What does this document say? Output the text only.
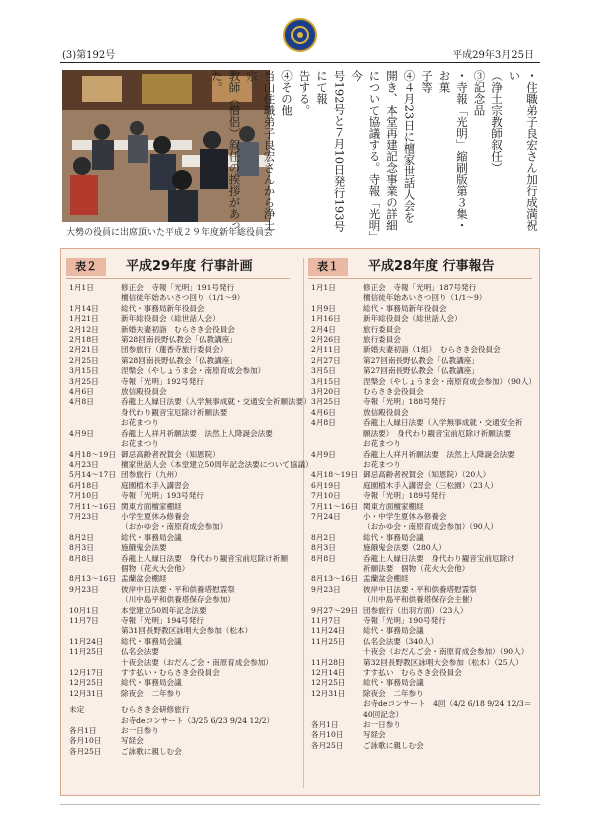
(3)第192号	平成29年3月25日
大勢の役員に出席頂いた平成２９年度新年総役員会

・住職弟子良宏さん加行成満祝い

（浄土宗教師叙任）

③記念品

・寺報「光明」縮刷版第３集・お菓

子等

④４月23日に檀家世話人会を

開き、本堂再建記念事業の詳細

について協議する。寺報「光明」今

号192号と７月10日発行193号にて報

告する。

④その他

当山住職弟子良宏さんから浄土宗

教師（僧侶）叙任の挨拶があった。

表２	平成29年度 行事計画
1月1日	修正会　寺報「光明」191号発行
檀信徒年始あいさつ回り（1/1〜9）
1月14日	総代・事務局新年役員会
1月21日	新年総役員会（総世話人会）
2月12日	新婚夫妻初詣　むらさき会役員会
2月18日	第28回南長野仏教会「仏教講座」
2月21日	団参旅行（蓮香寺旅行委員会）
2月25日	第28回南長野仏教会「仏教講座」
3月15日	涅槃会（やしょうま会・南原育成会参加）
3月25日	寺報「光明」192号発行
4月6日	放信殿役員会
4月8日	呑龍上人縁日法要（入学無事成就・交通安全祈願法要）
身代わり観音宝厄除け祈願法要
お花まつり
4月9日	呑龍上人祥月祈願法要　法然上人降誕会法要
お花まつり
4月18〜19日 御忌高齢者祝賀会（知恩院）
4月23日	檀家世話人会（本堂建立50周年記念法要について協議）
5月14〜17日 団参旅行（九州）
6月18日	庭園植木手入講習会
7月10日	寺報「光明」193号発行
7月11〜16日 関東方面檀家棚経
7月23日	小学生夏休み修養会
（おかゆ会・南原育成会参加）
8月2日	総代・事務局会議
8月3日	施餓鬼会法要
8月8日	呑龍上人縁日法要　身代わり観音宝前厄除け祈願
個物（花火大会他）
8月13〜16日 盂蘭盆会棚経
9月23日	彼岸中日法要・平和供養塔慰霊祭
（川中島平和供養塔保存会参加）
10月1日	本堂建立50周年記念法要
11月7日	寺報「光明」194号発行
第31回長野教区詠唱大会参加（松本）
11月24日	総代・事務局会議
11月25日	仏名会法要
十夜会法要（おだんご会・南原育成会参加）
12月17日	すす払い・むらさき会役員会
12月25日	総代・事務局会議
12月31日	除夜会　二年参り
未定	むらさき会研修旅行
お寺deコンサート（3/25 6/23 9/24 12/2）
各月1日	お一日参り
各月10日	写経会
各月25日	ご詠歌に親しむ会
表１	平成28年度 行事報告
1月1日	修正会　寺報「光明」187号発行
檀信徒年始あいさつ回り（1/1〜9）
1月9日	総代・事務局新年役員会
1月16日	新年総役員会（総世話人会）
2月4日	旅行委員会
2月26日	旅行委員会
2月11日	新婚夫妻初詣（1組）　むらさき会役員会
2月27日	第27回南長野仏教会「仏教講座」
3月5日	第27回南長野仏教会「仏教講座」
3月15日	涅槃会（やしょうま会・南原育成会参加）（90人）
3月20日	むらさき会役員会
3月25日	寺報「光明」188号発行
4月6日	放信殿役員会
4月8日	呑龍上人縁日法要（入学無事成就・交通安全祈
願法要）　身代わり観音宝前厄除け祈願法要
お花まつり
4月9日	呑龍上人祥月祈願法要　法然上人降誕会法要
お花まつり
4月18〜19日 御忌高齢者祝賀会（知恩院）（20人）
6月19日	庭園植木手入講習会（三松園）（23人）
7月10日	寺報「光明」189号発行
7月11〜16日 関東方面檀家棚経
7月24日	小・中学生夏休み修養会
（おかゆ会・南原育成会参加）（90人）
8月2日	総代・事務局会議
8月3日	施餓鬼会法要（280人）
8月8日	呑龍上人縁日法要　身代わり観音宝前厄除け
祈願法要　個物（花火大会他）
8月13〜16日 盂蘭盆会棚経
9月23日	彼岸中日法要・平和供養塔慰霊祭
（川中島平和供養塔保存会主催）
9月27〜29日 団参旅行（出羽方面）（23人）
11月7日	寺報「光明」190号発行
11月24日	総代・事務局会議
11月25日	仏名会法要（340人）
十夜会（おだんご会・南原育成会参加）（90人）
11月28日	第32回長野教区詠唱大会参加（松本）（25人）
12月14日	すす払い　むらさき会役員会
12月25日	総代・事務局会議
12月31日	除夜会　二年参り
お寺deコンサート　4回（4/2 6/18 9/24 12/3＝
40回記念）
各月1日	お一日参り
各月10日	写経会
各月25日	ご詠歌に親しむ会
